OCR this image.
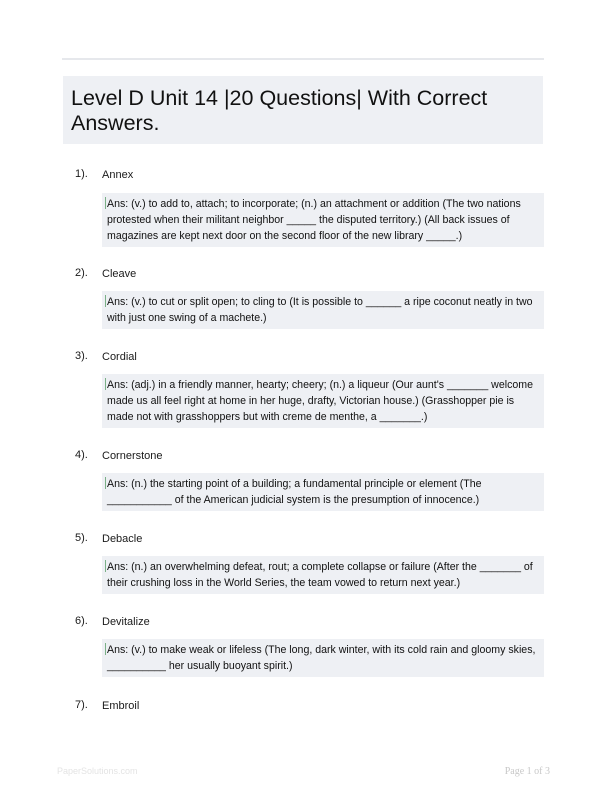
Level D Unit 14 |20 Questions| With Correct Answers.
1). Annex
Ans: (v.) to add to, attach; to incorporate; (n.) an attachment or addition (The two nations protested when their militant neighbor _____ the disputed territory.) (All back issues of magazines are kept next door on the second floor of the new library _____.)
2). Cleave
Ans: (v.) to cut or split open; to cling to (It is possible to ______ a ripe coconut neatly in two with just one swing of a machete.)
3). Cordial
Ans: (adj.) in a friendly manner, hearty; cheery; (n.) a liqueur (Our aunt's _______ welcome made us all feel right at home in her huge, drafty, Victorian house.) (Grasshopper pie is made not with grasshoppers but with creme de menthe, a _______.)
4). Cornerstone
Ans: (n.) the starting point of a building; a fundamental principle or element (The ___________ of the American judicial system is the presumption of innocence.)
5). Debacle
Ans: (n.) an overwhelming defeat, rout; a complete collapse or failure (After the _______ of their crushing loss in the World Series, the team vowed to return next year.)
6). Devitalize
Ans: (v.) to make weak or lifeless (The long, dark winter, with its cold rain and gloomy skies, __________ her usually buoyant spirit.)
7). Embroil
PaperSolutions.com	Page 1 of 3
